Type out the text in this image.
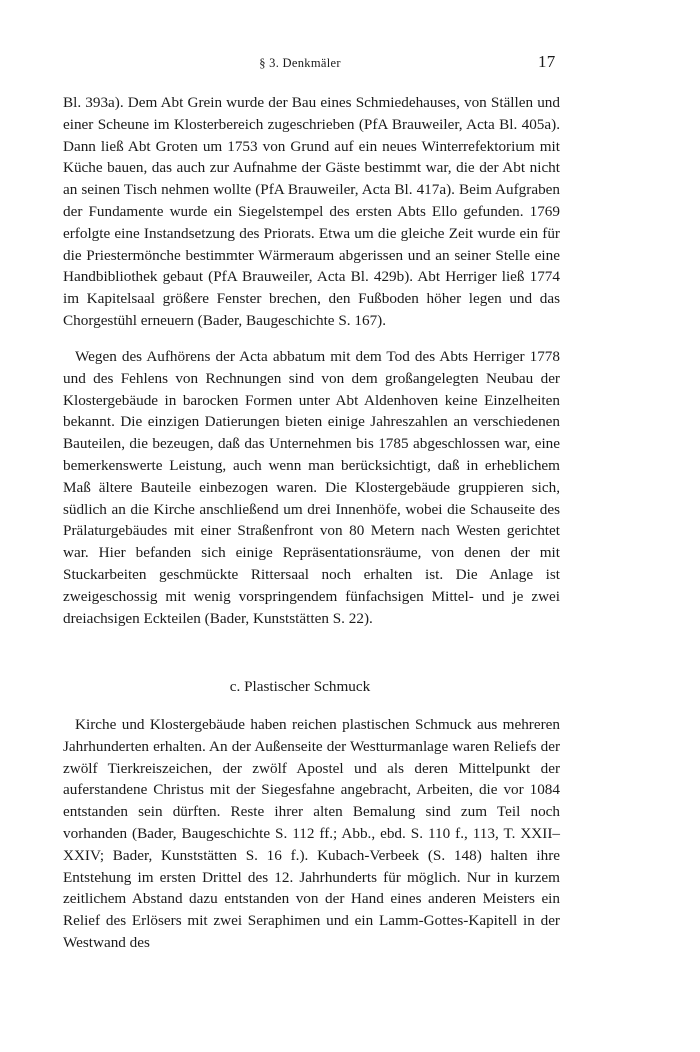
§ 3. Denkmäler	17

Bl. 393a). Dem Abt Grein wurde der Bau eines Schmiedehauses, von Ställen und einer Scheune im Klosterbereich zugeschrieben (PfA Brauweiler, Acta Bl. 405a). Dann ließ Abt Groten um 1753 von Grund auf ein neues Winterrefektorium mit Küche bauen, das auch zur Aufnahme der Gäste bestimmt war, die der Abt nicht an seinen Tisch nehmen wollte (PfA Brauweiler, Acta Bl. 417a). Beim Aufgraben der Fundamente wurde ein Siegelstempel des ersten Abts Ello gefunden. 1769 erfolgte eine Instandsetzung des Priorats. Etwa um die gleiche Zeit wurde ein für die Priestermönche bestimmter Wärmeraum abgerissen und an seiner Stelle eine Handbibliothek gebaut (PfA Brauweiler, Acta Bl. 429b). Abt Herriger ließ 1774 im Kapitelsaal größere Fenster brechen, den Fußboden höher legen und das Chorgestühl erneuern (Bader, Baugeschichte S. 167).

Wegen des Aufhörens der Acta abbatum mit dem Tod des Abts Herriger 1778 und des Fehlens von Rechnungen sind von dem großangelegten Neubau der Klostergebäude in barocken Formen unter Abt Aldenhoven keine Einzelheiten bekannt. Die einzigen Datierungen bieten einige Jahreszahlen an verschiedenen Bauteilen, die bezeugen, daß das Unternehmen bis 1785 abgeschlossen war, eine bemerkenswerte Leistung, auch wenn man berücksichtigt, daß in erheblichem Maß ältere Bauteile einbezogen waren. Die Klostergebäude gruppieren sich, südlich an die Kirche anschließend um drei Innenhöfe, wobei die Schauseite des Prälaturgebäudes mit einer Straßenfront von 80 Metern nach Westen gerichtet war. Hier befanden sich einige Repräsentationsräume, von denen der mit Stuckarbeiten geschmückte Rittersaal noch erhalten ist. Die Anlage ist zweigeschossig mit wenig vorspringendem fünfachsigen Mittel- und je zwei dreiachsigen Eckteilen (Bader, Kunststätten S. 22).

c. Plastischer Schmuck

Kirche und Klostergebäude haben reichen plastischen Schmuck aus mehreren Jahrhunderten erhalten. An der Außenseite der Westturmanlage waren Reliefs der zwölf Tierkreiszeichen, der zwölf Apostel und als deren Mittelpunkt der auferstandene Christus mit der Siegesfahne angebracht, Arbeiten, die vor 1084 entstanden sein dürften. Reste ihrer alten Bemalung sind zum Teil noch vorhanden (Bader, Baugeschichte S. 112 ff.; Abb., ebd. S. 110 f., 113, T. XXII–XXIV; Bader, Kunststätten S. 16 f.). Kubach-Verbeek (S. 148) halten ihre Entstehung im ersten Drittel des 12. Jahrhunderts für möglich. Nur in kurzem zeitlichem Abstand dazu entstanden von der Hand eines anderen Meisters ein Relief des Erlösers mit zwei Seraphimen und ein Lamm-Gottes-Kapitell in der Westwand des
